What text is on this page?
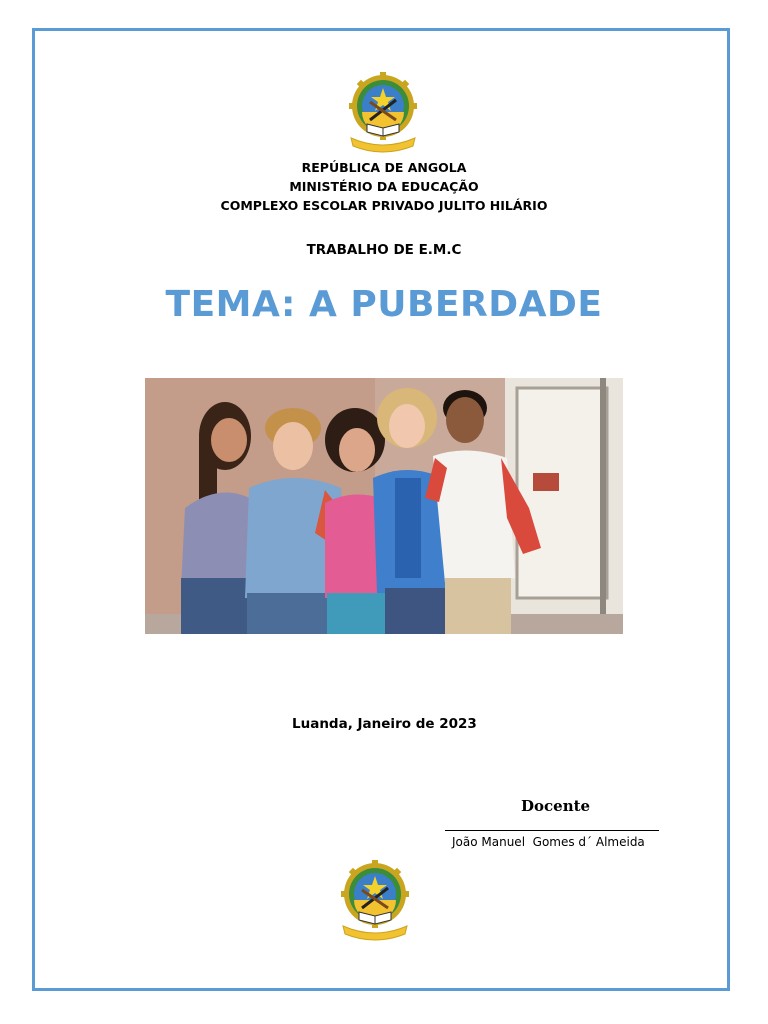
REPÚBLICA DE ANGOLA
MINISTÉRIO DA EDUCAÇÃO
COMPLEXO ESCOLAR PRIVADO JULITO HILÁRIO
TRABALHO DE E.M.C
TEMA: A PUBERDADE
Luanda, Janeiro de 2023
Docente
João Manuel  Gomes d´ Almeida
